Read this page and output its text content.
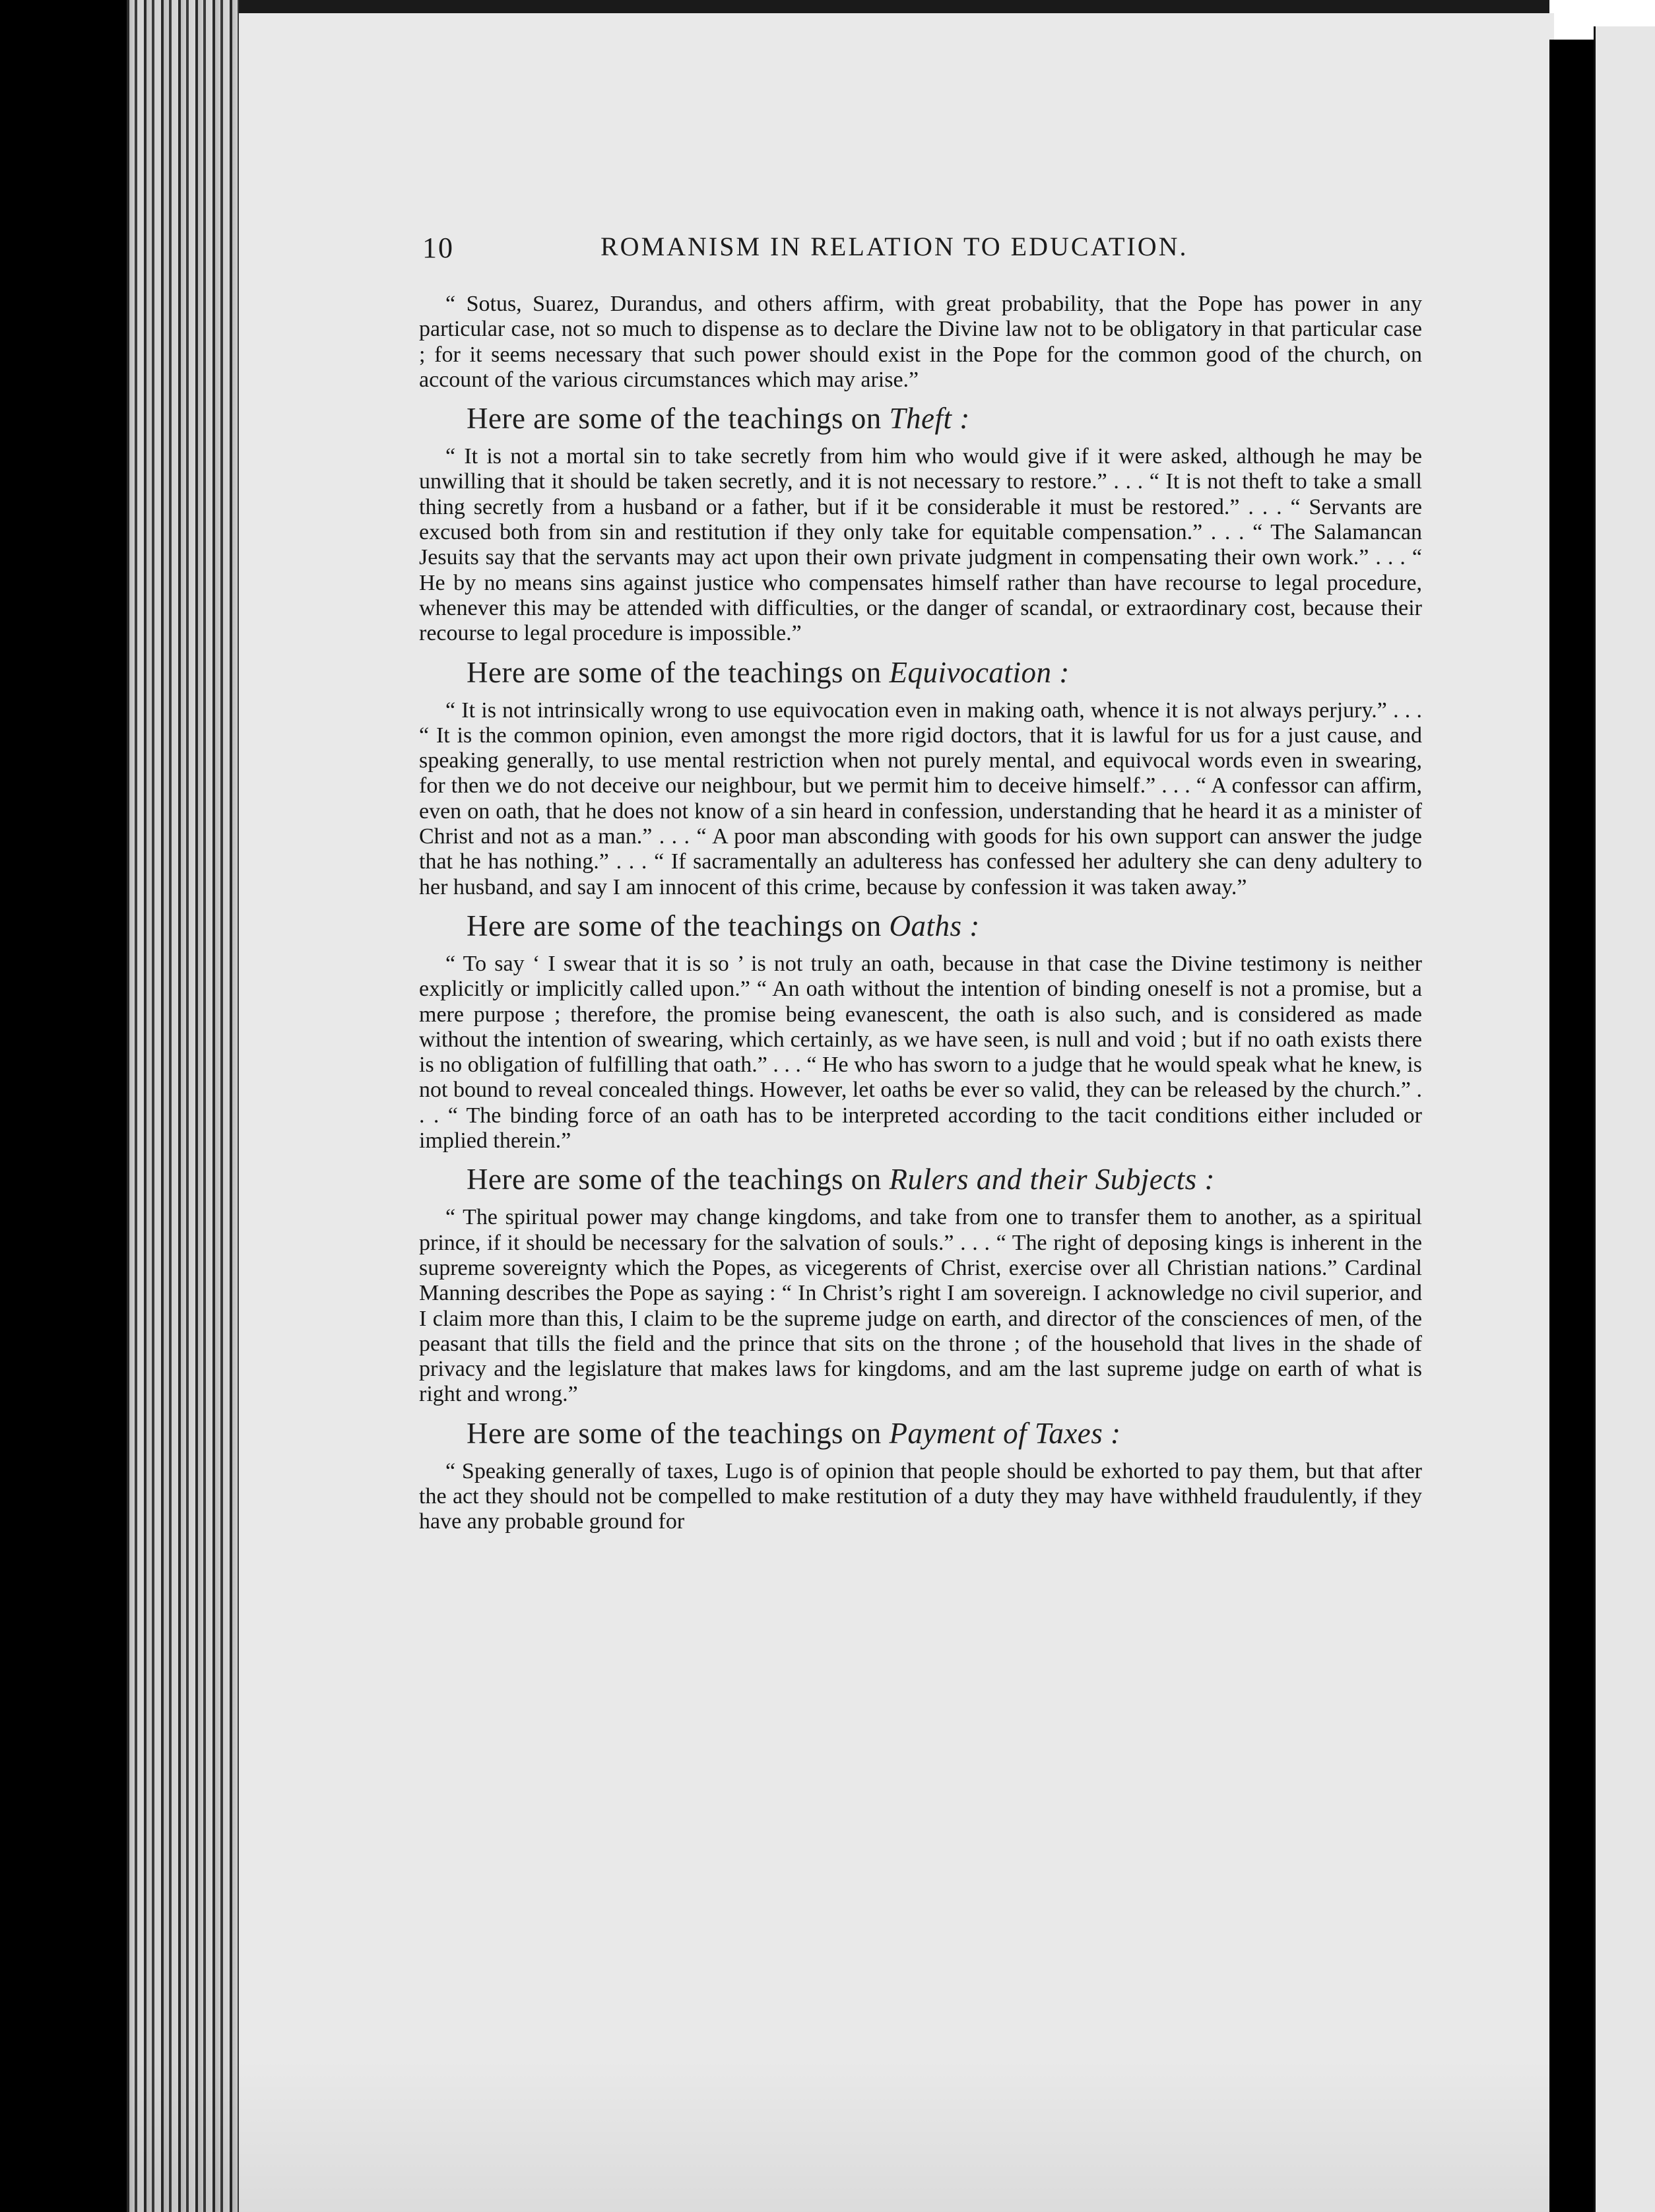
10	ROMANISM IN RELATION TO EDUCATION.

“ Sotus, Suarez, Durandus, and others affirm, with great probability, that the Pope has power in any particular case, not so much to dispense as to declare the Divine law not to be obligatory in that particular case ; for it seems necessary that such power should exist in the Pope for the common good of the church, on account of the various circumstances which may arise.”

Here are some of the teachings on Theft :

“ It is not a mortal sin to take secretly from him who would give if it were asked, although he may be unwilling that it should be taken secretly, and it is not necessary to restore.” . . . “ It is not theft to take a small thing secretly from a husband or a father, but if it be considerable it must be restored.” . . . “ Servants are excused both from sin and restitution if they only take for equitable compensation.” . . . “ The Salamancan Jesuits say that the servants may act upon their own private judgment in compensating their own work.” . . . “ He by no means sins against justice who compensates himself rather than have recourse to legal procedure, whenever this may be attended with difficulties, or the danger of scandal, or extraordinary cost, because their recourse to legal procedure is impossible.”

Here are some of the teachings on Equivocation :

“ It is not intrinsically wrong to use equivocation even in making oath, whence it is not always perjury.” . . . “ It is the common opinion, even amongst the more rigid doctors, that it is lawful for us for a just cause, and speaking generally, to use mental restriction when not purely mental, and equivocal words even in swearing, for then we do not deceive our neighbour, but we permit him to deceive himself.” . . . “ A confessor can affirm, even on oath, that he does not know of a sin heard in confession, understanding that he heard it as a minister of Christ and not as a man.” . . . “ A poor man absconding with goods for his own support can answer the judge that he has nothing.” . . . “ If sacramentally an adulteress has confessed her adultery she can deny adultery to her husband, and say I am innocent of this crime, because by confession it was taken away.”

Here are some of the teachings on Oaths :

“ To say ‘ I swear that it is so ’ is not truly an oath, because in that case the Divine testimony is neither explicitly or implicitly called upon.” “ An oath without the intention of binding oneself is not a promise, but a mere purpose ; therefore, the promise being evanescent, the oath is also such, and is considered as made without the intention of swearing, which certainly, as we have seen, is null and void ; but if no oath exists there is no obligation of fulfilling that oath.” . . . “ He who has sworn to a judge that he would speak what he knew, is not bound to reveal concealed things. However, let oaths be ever so valid, they can be released by the church.” . . . “ The binding force of an oath has to be interpreted according to the tacit conditions either included or implied therein.”

Here are some of the teachings on Rulers and their Subjects :

“ The spiritual power may change kingdoms, and take from one to transfer them to another, as a spiritual prince, if it should be necessary for the salvation of souls.” . . . “ The right of deposing kings is inherent in the supreme sovereignty which the Popes, as vicegerents of Christ, exercise over all Christian nations.” Cardinal Manning describes the Pope as saying : “ In Christ’s right I am sovereign. I acknowledge no civil superior, and I claim more than this, I claim to be the supreme judge on earth, and director of the consciences of men, of the peasant that tills the field and the prince that sits on the throne ; of the household that lives in the shade of privacy and the legislature that makes laws for kingdoms, and am the last supreme judge on earth of what is right and wrong.”

Here are some of the teachings on Payment of Taxes :

“ Speaking generally of taxes, Lugo is of opinion that people should be exhorted to pay them, but that after the act they should not be compelled to make restitution of a duty they may have withheld fraudulently, if they have any probable ground for
